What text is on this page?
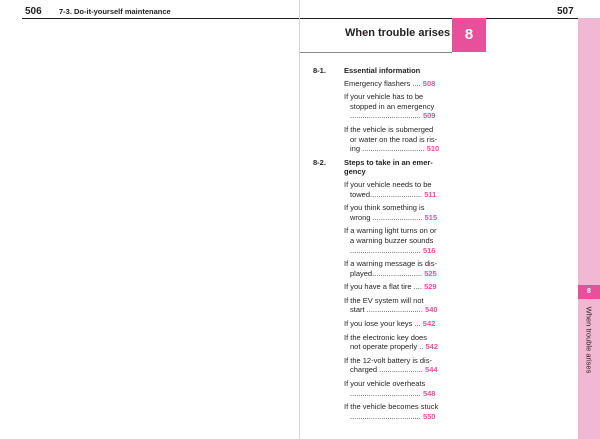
506 7-3. Do-it-yourself maintenance	507
When trouble arises 8
8
When trouble arises
8-1.	Essential information
Emergency flashers .... 508
If your vehicle has to be
stopped in an emergency
.................................. 509
If the vehicle is submerged
or water on the road is ris-
ing .............................. 510
8-2.	Steps to take in an emer-
gency
If your vehicle needs to be
towed......................... 511
If you think something is
wrong ........................ 515
If a warning light turns on or
a warning buzzer sounds
.................................. 516
If a warning message is dis-
played........................ 525
If you have a flat tire .... 529
If the EV system will not
start ........................... 540
If you lose your keys ... 542
If the electronic key does
not operate properly .. 542
If the 12-volt battery is dis-
charged ..................... 544
If your vehicle overheats
.................................. 548
If the vehicle becomes stuck
.................................. 550
